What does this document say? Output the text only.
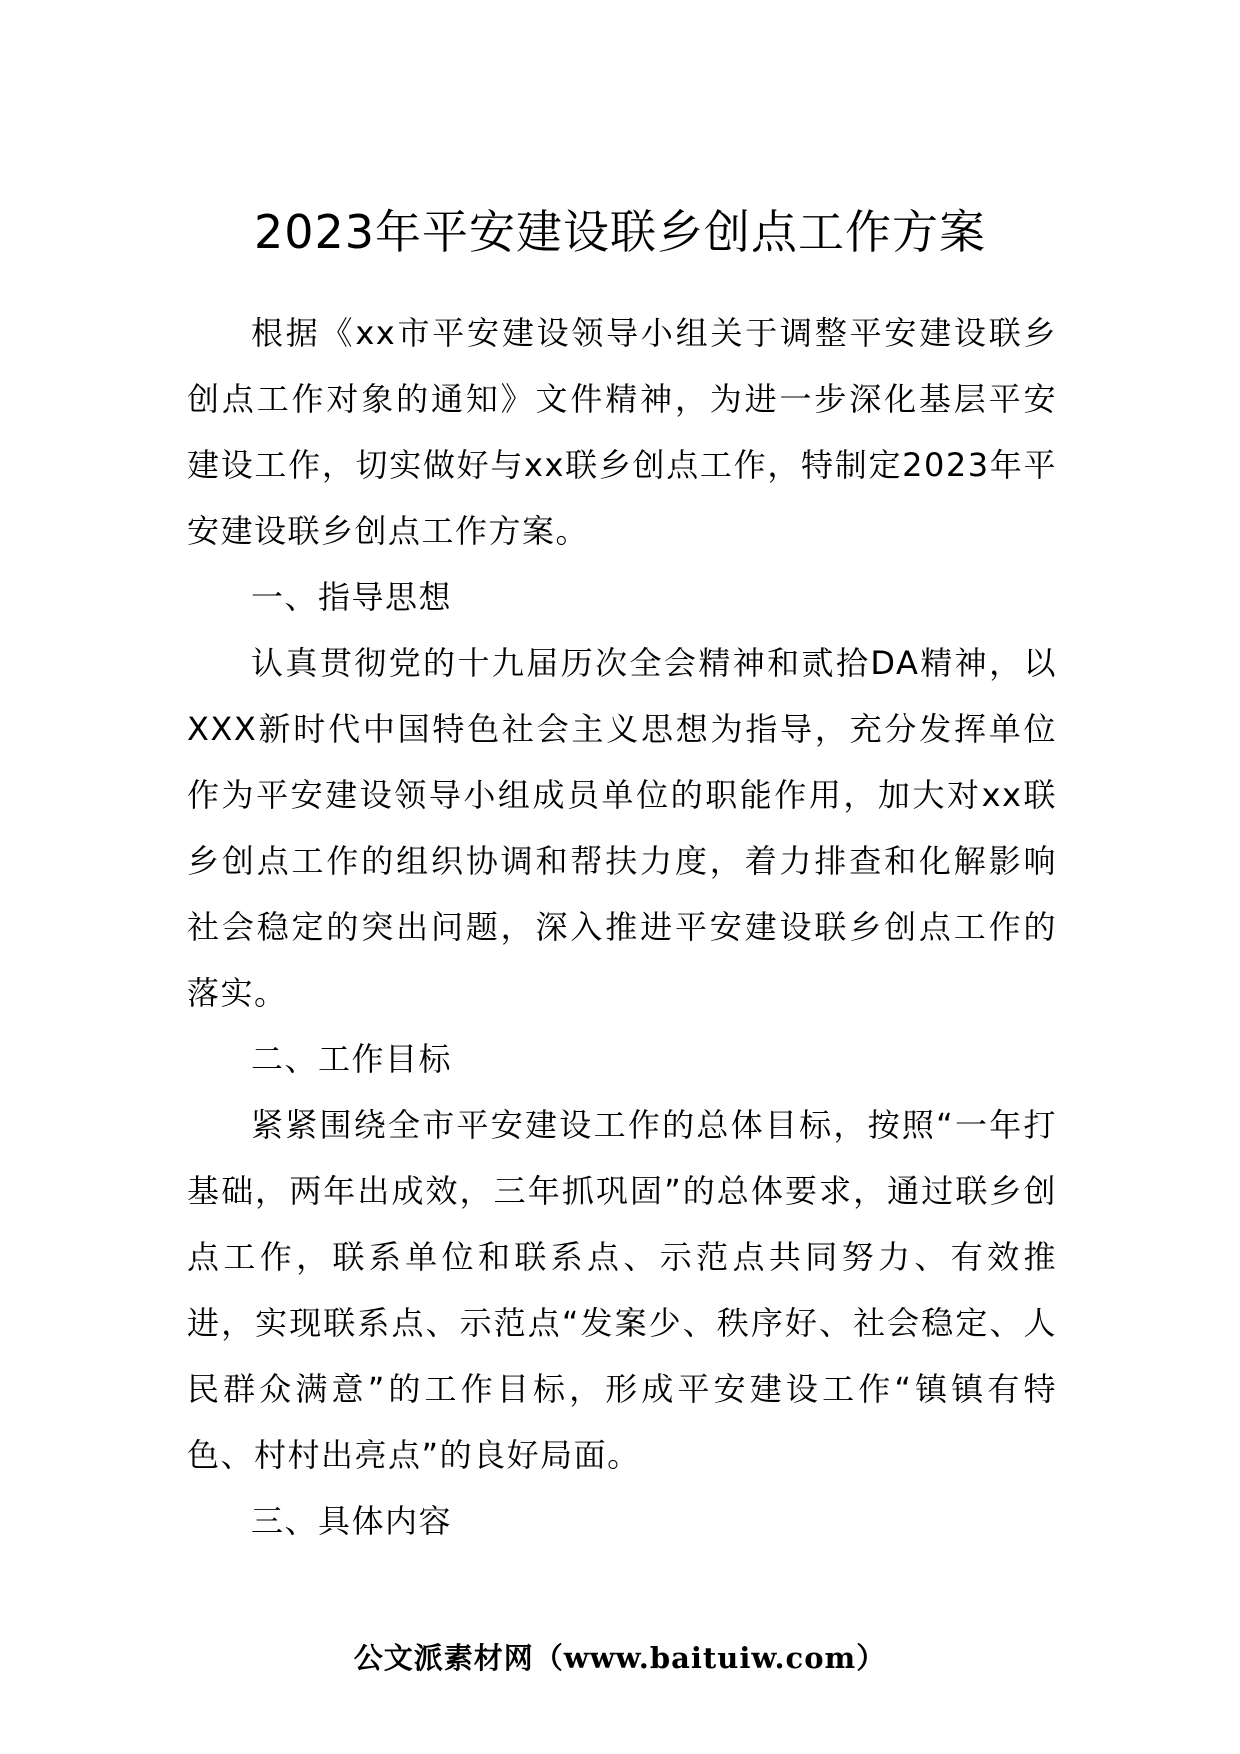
2023年平安建设联乡创点工作方案

根据《xx市平安建设领导小组关于调整平安建设联乡创点工作对象的通知》文件精神，为进一步深化基层平安建设工作，切实做好与xx联乡创点工作，特制定2023年平安建设联乡创点工作方案。

一、指导思想

认真贯彻党的十九届历次全会精神和贰拾DA精神，以XXX新时代中国特色社会主义思想为指导，充分发挥单位作为平安建设领导小组成员单位的职能作用，加大对xx联乡创点工作的组织协调和帮扶力度，着力排查和化解影响社会稳定的突出问题，深入推进平安建设联乡创点工作的落实。

二、工作目标

紧紧围绕全市平安建设工作的总体目标，按照“一年打基础，两年出成效，三年抓巩固”的总体要求，通过联乡创点工作，联系单位和联系点、示范点共同努力、有效推进，实现联系点、示范点“发案少、秩序好、社会稳定、人民群众满意”的工作目标，形成平安建设工作“镇镇有特色、村村出亮点”的良好局面。

三、具体内容

公文派素材网（www.baituiw.com）
